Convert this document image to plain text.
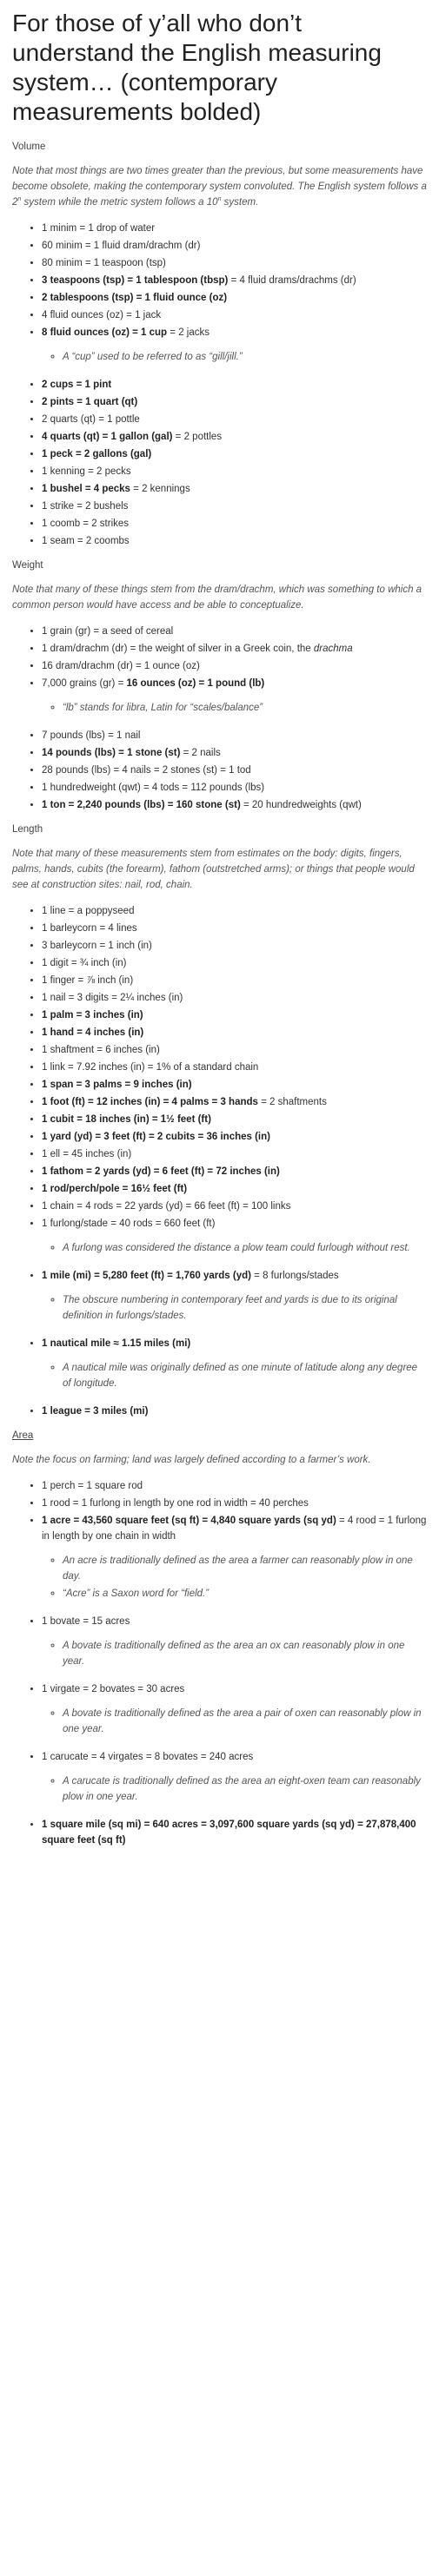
For those of y’all who don’t understand the English measuring system… (contemporary measurements bolded)
Volume

Note that most things are two times greater than the previous, but some measurements have become obsolete, making the contemporary system convoluted. The English system follows a 2$^n$ system while the metric system follows a 10$^n$ system.

• 1 minim = 1 drop of water
• 60 minim = 1 fluid dram/drachm (dr)
• 80 minim = 1 teaspoon (tsp)
• 3 teaspoons (tsp) = 1 tablespoon (tbsp) = 4 fluid drams/drachms (dr)
• 2 tablespoons (tsp) = 1 fluid ounce (oz)
• 4 fluid ounces (oz) = 1 jack
• 8 fluid ounces (oz) = 1 cup = 2 jacks
◦ A “cup” used to be referred to as “gill/jill.”
• 2 cups = 1 pint
• 2 pints = 1 quart (qt)
• 2 quarts (qt) = 1 pottle
• 4 quarts (qt) = 1 gallon (gal) = 2 pottles
• 1 peck = 2 gallons (gal)
• 1 kenning = 2 pecks
• 1 bushel = 4 pecks = 2 kennings
• 1 strike = 2 bushels
• 1 coomb = 2 strikes
• 1 seam = 2 coombs
Weight

Note that many of these things stem from the dram/drachm, which was something to which a common person would have access and be able to conceptualize.

• 1 grain (gr) = a seed of cereal
• 1 dram/drachm (dr) = the weight of silver in a Greek coin, the drachma
• 16 dram/drachm (dr) = 1 ounce (oz)
• 7,000 grains (gr) = 16 ounces (oz) = 1 pound (lb)
◦ “lb” stands for libra, Latin for “scales/balance”
• 7 pounds (lbs) = 1 nail
• 14 pounds (lbs) = 1 stone (st) = 2 nails
• 28 pounds (lbs) = 4 nails = 2 stones (st) = 1 tod
• 1 hundredweight (qwt) = 4 tods = 112 pounds (lbs)
• 1 ton = 2,240 pounds (lbs) = 160 stone (st) = 20 hundredweights (qwt)
Length

Note that many of these measurements stem from estimates on the body: digits, fingers, palms, hands, cubits (the forearm), fathom (outstretched arms); or things that people would see at construction sites: nail, rod, chain.

• 1 line = a poppyseed
• 1 barleycorn = 4 lines
• 3 barleycorn = 1 inch (in)
• 1 digit = ¾ inch (in)
• 1 finger = ⅞ inch (in)
• 1 nail = 3 digits = 2¼ inches (in)
• 1 palm = 3 inches (in)
• 1 hand = 4 inches (in)
• 1 shaftment = 6 inches (in)
• 1 link = 7.92 inches (in) = 1% of a standard chain
• 1 span = 3 palms = 9 inches (in)
• 1 foot (ft) = 12 inches (in) = 4 palms = 3 hands = 2 shaftments
• 1 cubit = 18 inches (in) = 1½ feet (ft)
• 1 yard (yd) = 3 feet (ft) = 2 cubits = 36 inches (in)
• 1 ell = 45 inches (in)
• 1 fathom = 2 yards (yd) = 6 feet (ft) = 72 inches (in)
• 1 rod/perch/pole = 16½ feet (ft)
• 1 chain = 4 rods = 22 yards (yd) = 66 feet (ft) = 100 links
• 1 furlong/stade = 40 rods = 660 feet (ft)
◦ A furlong was considered the distance a plow team could furlough without rest.
• 1 mile (mi) = 5,280 feet (ft) = 1,760 yards (yd) = 8 furlongs/stades
◦ The obscure numbering in contemporary feet and yards is due to its original definition in furlongs/stades.
• 1 nautical mile ≈ 1.15 miles (mi)
◦ A nautical mile was originally defined as one minute of latitude along any degree of longitude.
• 1 league = 3 miles (mi)
Area

Note the focus on farming; land was largely defined according to a farmer’s work.

• 1 perch = 1 square rod
• 1 rood = 1 furlong in length by one rod in width = 40 perches
• 1 acre = 43,560 square feet (sq ft) = 4,840 square yards (sq yd) = 4 rood = 1 furlong in length by one chain in width
◦ An acre is traditionally defined as the area a farmer can reasonably plow in one day.
◦ “Acre” is a Saxon word for “field.”
• 1 bovate = 15 acres
◦ A bovate is traditionally defined as the area an ox can reasonably plow in one year.
• 1 virgate = 2 bovates = 30 acres
◦ A bovate is traditionally defined as the area a pair of oxen can reasonably plow in one year.
• 1 carucate = 4 virgates = 8 bovates = 240 acres
◦ A carucate is traditionally defined as the area an eight-oxen team can reasonably plow in one year.
• 1 square mile (sq mi) = 640 acres = 3,097,600 square yards (sq yd) = 27,878,400 square feet (sq ft)
